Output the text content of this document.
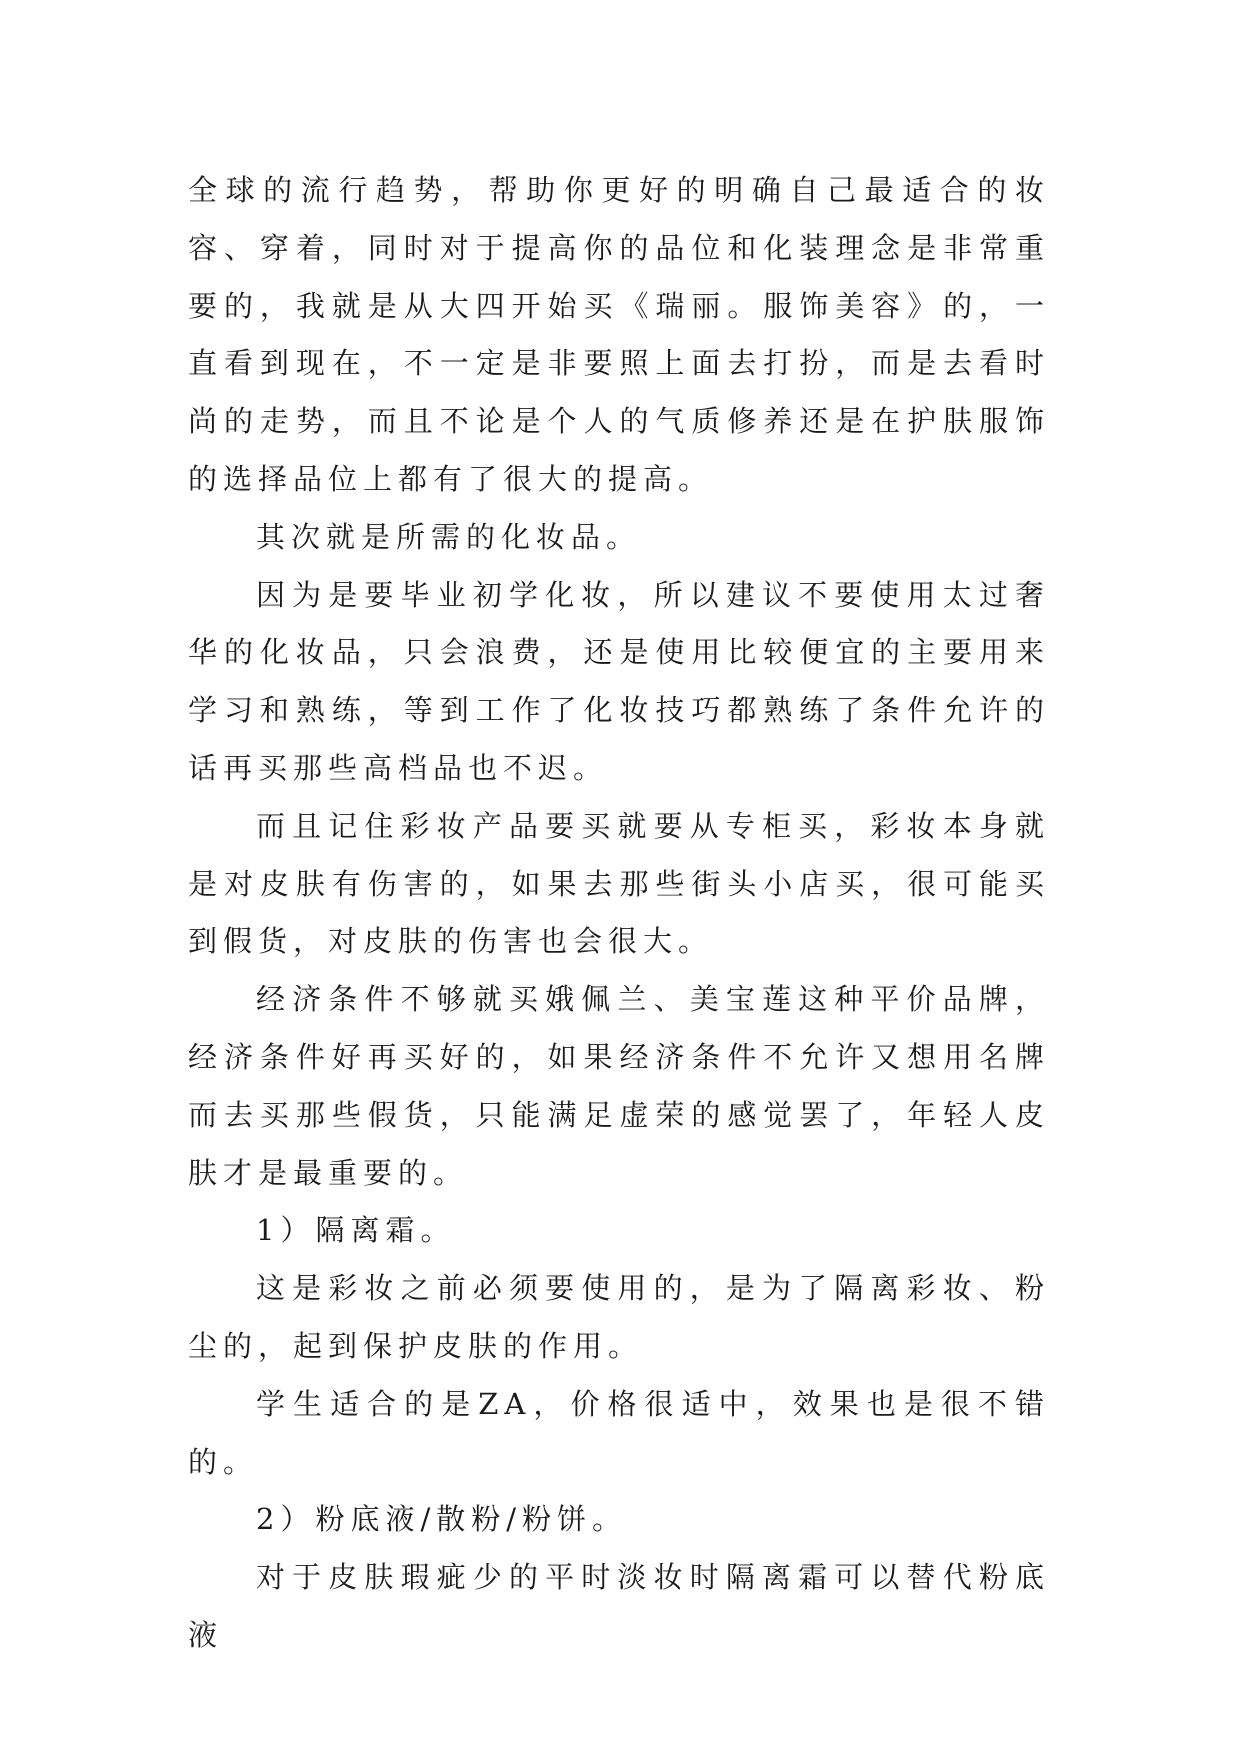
全球的流行趋势，帮助你更好的明确自己最适合的妆容、穿着，同时对于提高你的品位和化装理念是非常重要的，我就是从大四开始买《瑞丽。服饰美容》的，一直看到现在，不一定是非要照上面去打扮，而是去看时尚的走势，而且不论是个人的气质修养还是在护肤服饰的选择品位上都有了很大的提高。

其次就是所需的化妆品。

因为是要毕业初学化妆，所以建议不要使用太过奢华的化妆品，只会浪费，还是使用比较便宜的主要用来学习和熟练，等到工作了化妆技巧都熟练了条件允许的话再买那些高档品也不迟。

而且记住彩妆产品要买就要从专柜买，彩妆本身就是对皮肤有伤害的，如果去那些街头小店买，很可能买到假货，对皮肤的伤害也会很大。

经济条件不够就买娥佩兰、美宝莲这种平价品牌，经济条件好再买好的，如果经济条件不允许又想用名牌而去买那些假货，只能满足虚荣的感觉罢了，年轻人皮肤才是最重要的。

1）隔离霜。

这是彩妆之前必须要使用的，是为了隔离彩妆、粉尘的，起到保护皮肤的作用。

学生适合的是ZA，价格很适中，效果也是很不错的。

2）粉底液/散粉/粉饼。

对于皮肤瑕疵少的平时淡妆时隔离霜可以替代粉底液
